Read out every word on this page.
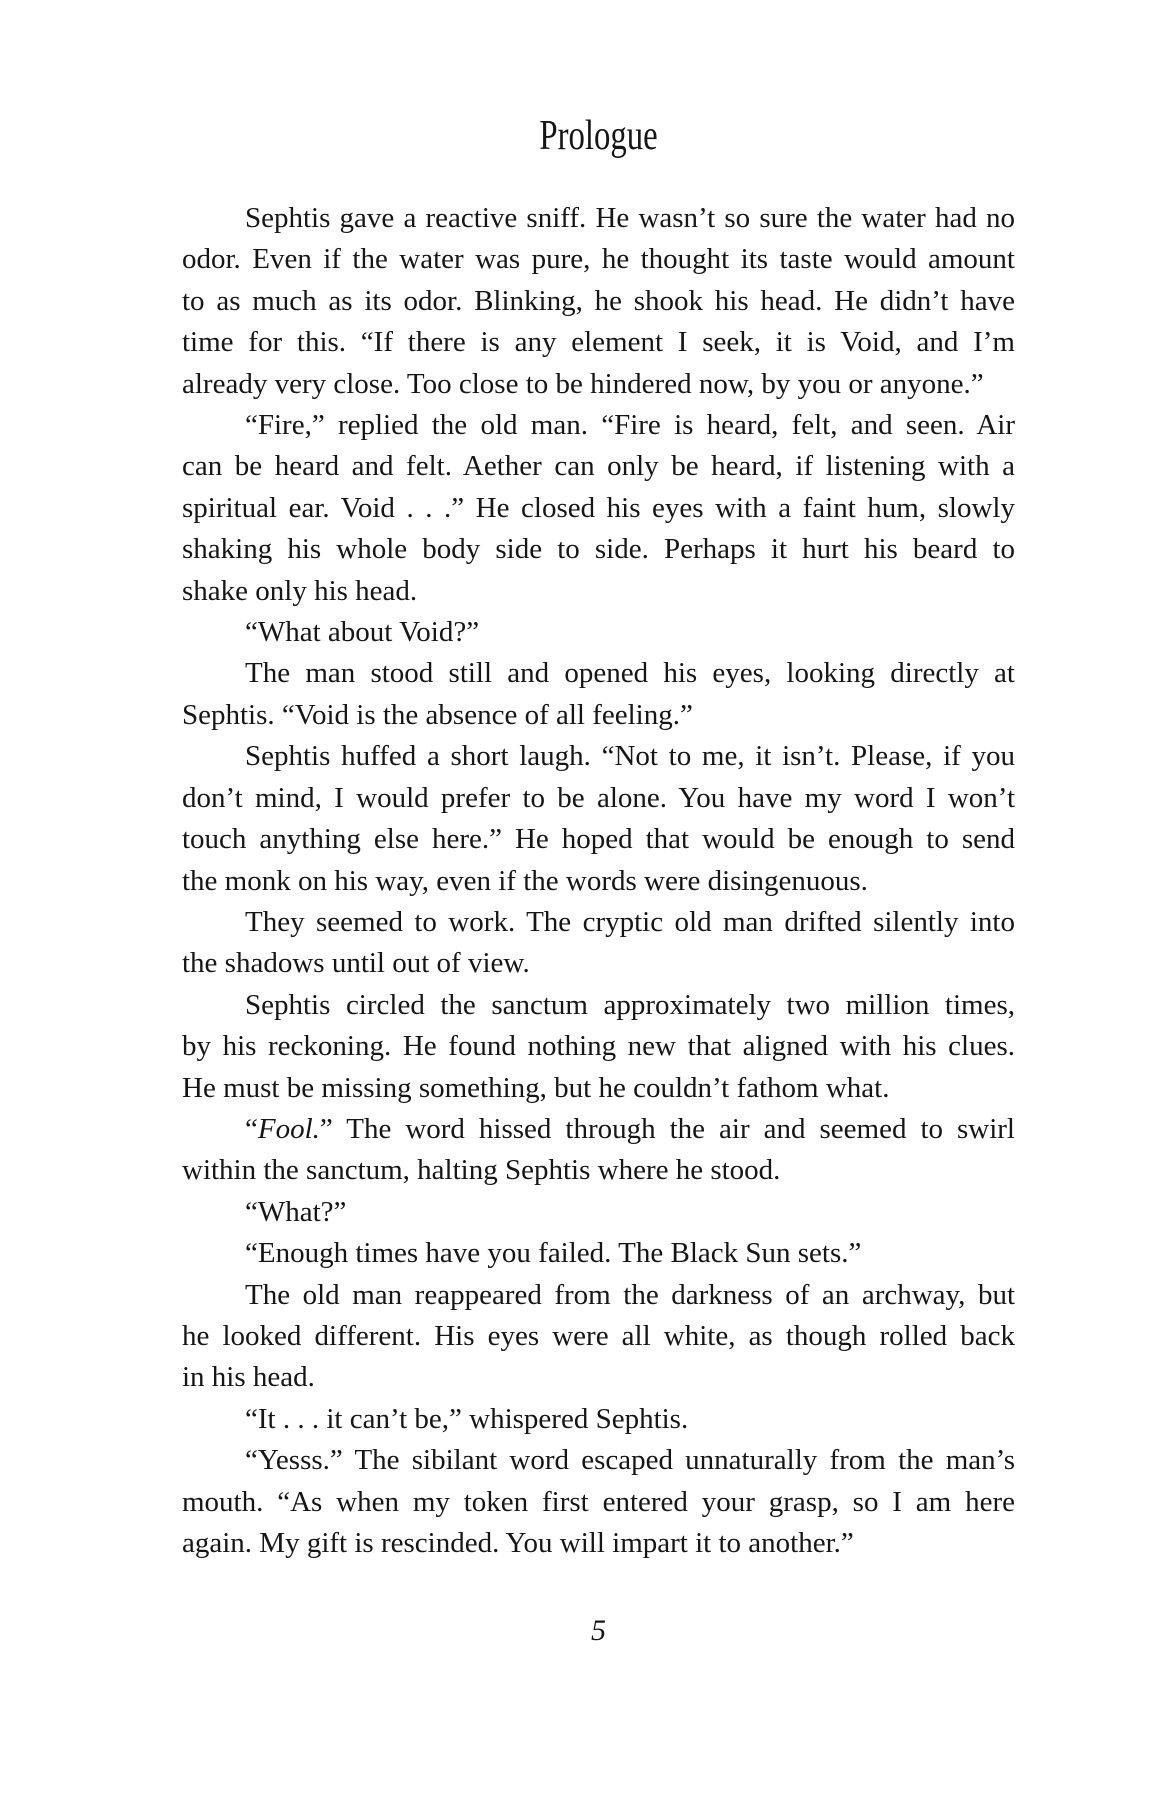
Prologue
Sephtis gave a reactive sniff. He wasn’t so sure the water had no
odor. Even if the water was pure, he thought its taste would amount
to as much as its odor. Blinking, he shook his head. He didn’t have
time for this. “If there is any element I seek, it is Void, and I’m
already very close. Too close to be hindered now, by you or anyone.”
“Fire,” replied the old man. “Fire is heard, felt, and seen. Air
can be heard and felt. Aether can only be heard, if listening with a
spiritual ear. Void . . .” He closed his eyes with a faint hum, slowly
shaking his whole body side to side. Perhaps it hurt his beard to
shake only his head.
“What about Void?”
The man stood still and opened his eyes, looking directly at
Sephtis. “Void is the absence of all feeling.”
Sephtis huffed a short laugh. “Not to me, it isn’t. Please, if you
don’t mind, I would prefer to be alone. You have my word I won’t
touch anything else here.” He hoped that would be enough to send
the monk on his way, even if the words were disingenuous.
They seemed to work. The cryptic old man drifted silently into
the shadows until out of view.
Sephtis circled the sanctum approximately two million times,
by his reckoning. He found nothing new that aligned with his clues.
He must be missing something, but he couldn’t fathom what.
“Fool.” The word hissed through the air and seemed to swirl
within the sanctum, halting Sephtis where he stood.
“What?”
“Enough times have you failed. The Black Sun sets.”
The old man reappeared from the darkness of an archway, but
he looked different. His eyes were all white, as though rolled back
in his head.
“It . . . it can’t be,” whispered Sephtis.
“Yesss.” The sibilant word escaped unnaturally from the man’s
mouth. “As when my token first entered your grasp, so I am here
again. My gift is rescinded. You will impart it to another.”
5
